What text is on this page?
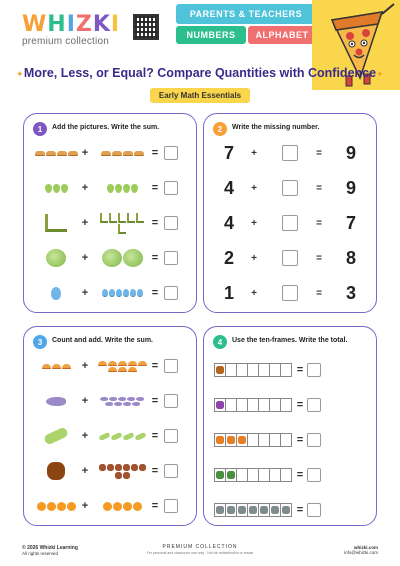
WHIZKI
premium collection
PARENTS & TEACHERS
NUMBERS	ALPHABET
✦	✦
More, Less, or Equal? Compare Quantities with Confidence
Early Math Essentials
1	Add the pictures. Write the sum.
+	=
+	=
+	=
+	=
+	=
2	Write the missing number.
7	+	=	9
4	+	=	9
4	+	=	7
2	+	=	8
1	+	=	3
3	Count and add. Write the sum.
+	=
+	=
+	=
+	=
+	=
4	Use the ten-frames. Write the total.
=
=
=
=
=
© 2026 Whizki Learning
All rights reserved
PREMIUM COLLECTION
For personal and classroom use only · Not for redistribution or resale
whizki.com
info@whizki.com
